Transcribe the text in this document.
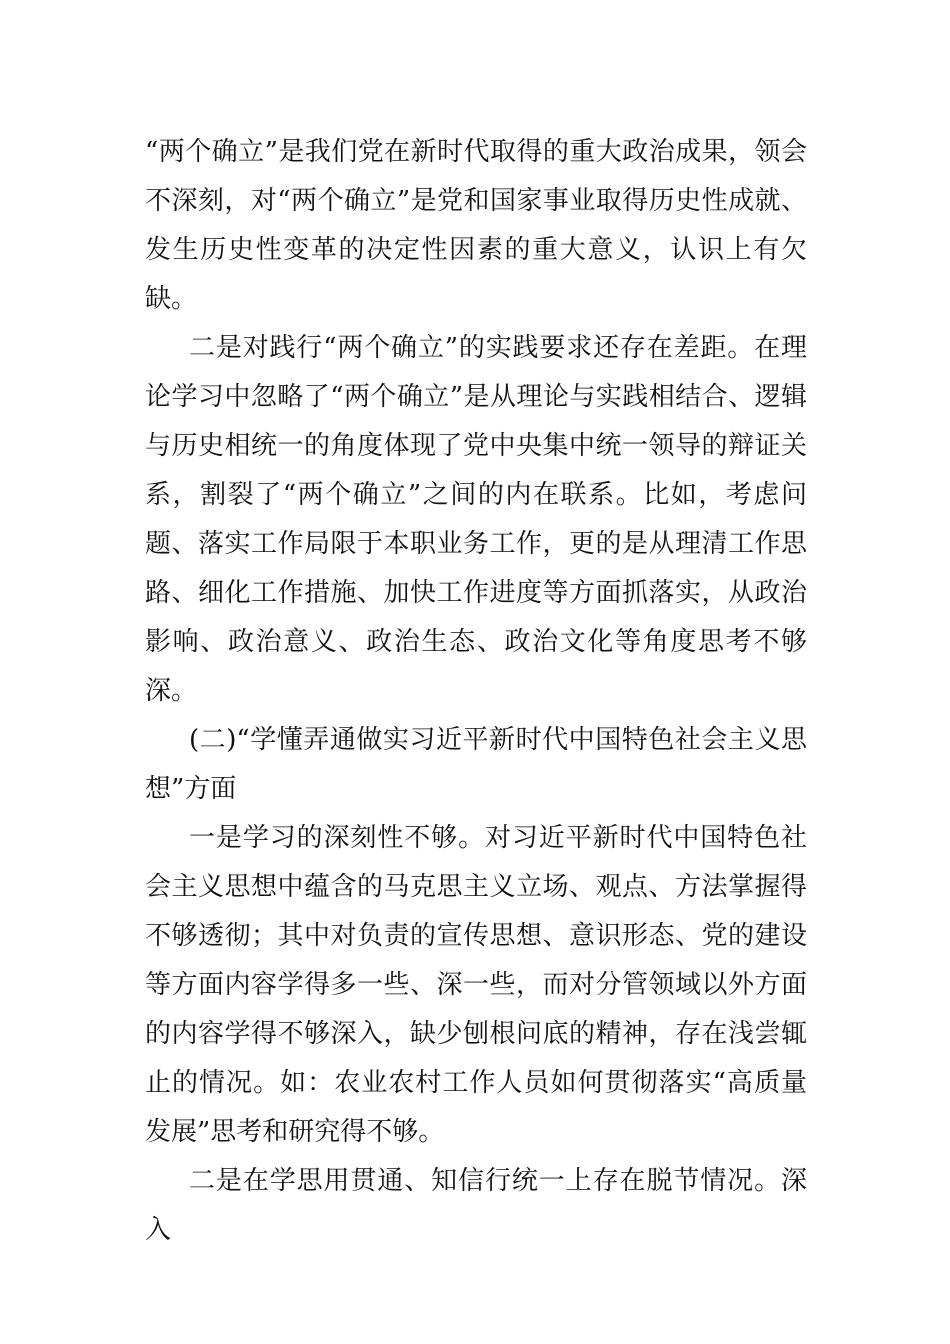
“两个确立”是我们党在新时代取得的重大政治成果，领会不深刻，对“两个确立”是党和国家事业取得历史性成就、发生历史性变革的决定性因素的重大意义，认识上有欠缺。

二是对践行“两个确立”的实践要求还存在差距。在理论学习中忽略了“两个确立”是从理论与实践相结合、逻辑与历史相统一的角度体现了党中央集中统一领导的辩证关系，割裂了“两个确立”之间的内在联系。比如，考虑问题、落实工作局限于本职业务工作，更的是从理清工作思路、细化工作措施、加快工作进度等方面抓落实，从政治影响、政治意义、政治生态、政治文化等角度思考不够深。

(二)“学懂弄通做实习近平新时代中国特色社会主义思想”方面

一是学习的深刻性不够。对习近平新时代中国特色社会主义思想中蕴含的马克思主义立场、观点、方法掌握得不够透彻；其中对负责的宣传思想、意识形态、党的建设等方面内容学得多一些、深一些，而对分管领域以外方面的内容学得不够深入，缺少刨根问底的精神，存在浅尝辄止的情况。如：农业农村工作人员如何贯彻落实“高质量发展”思考和研究得不够。

二是在学思用贯通、知信行统一上存在脱节情况。深入
